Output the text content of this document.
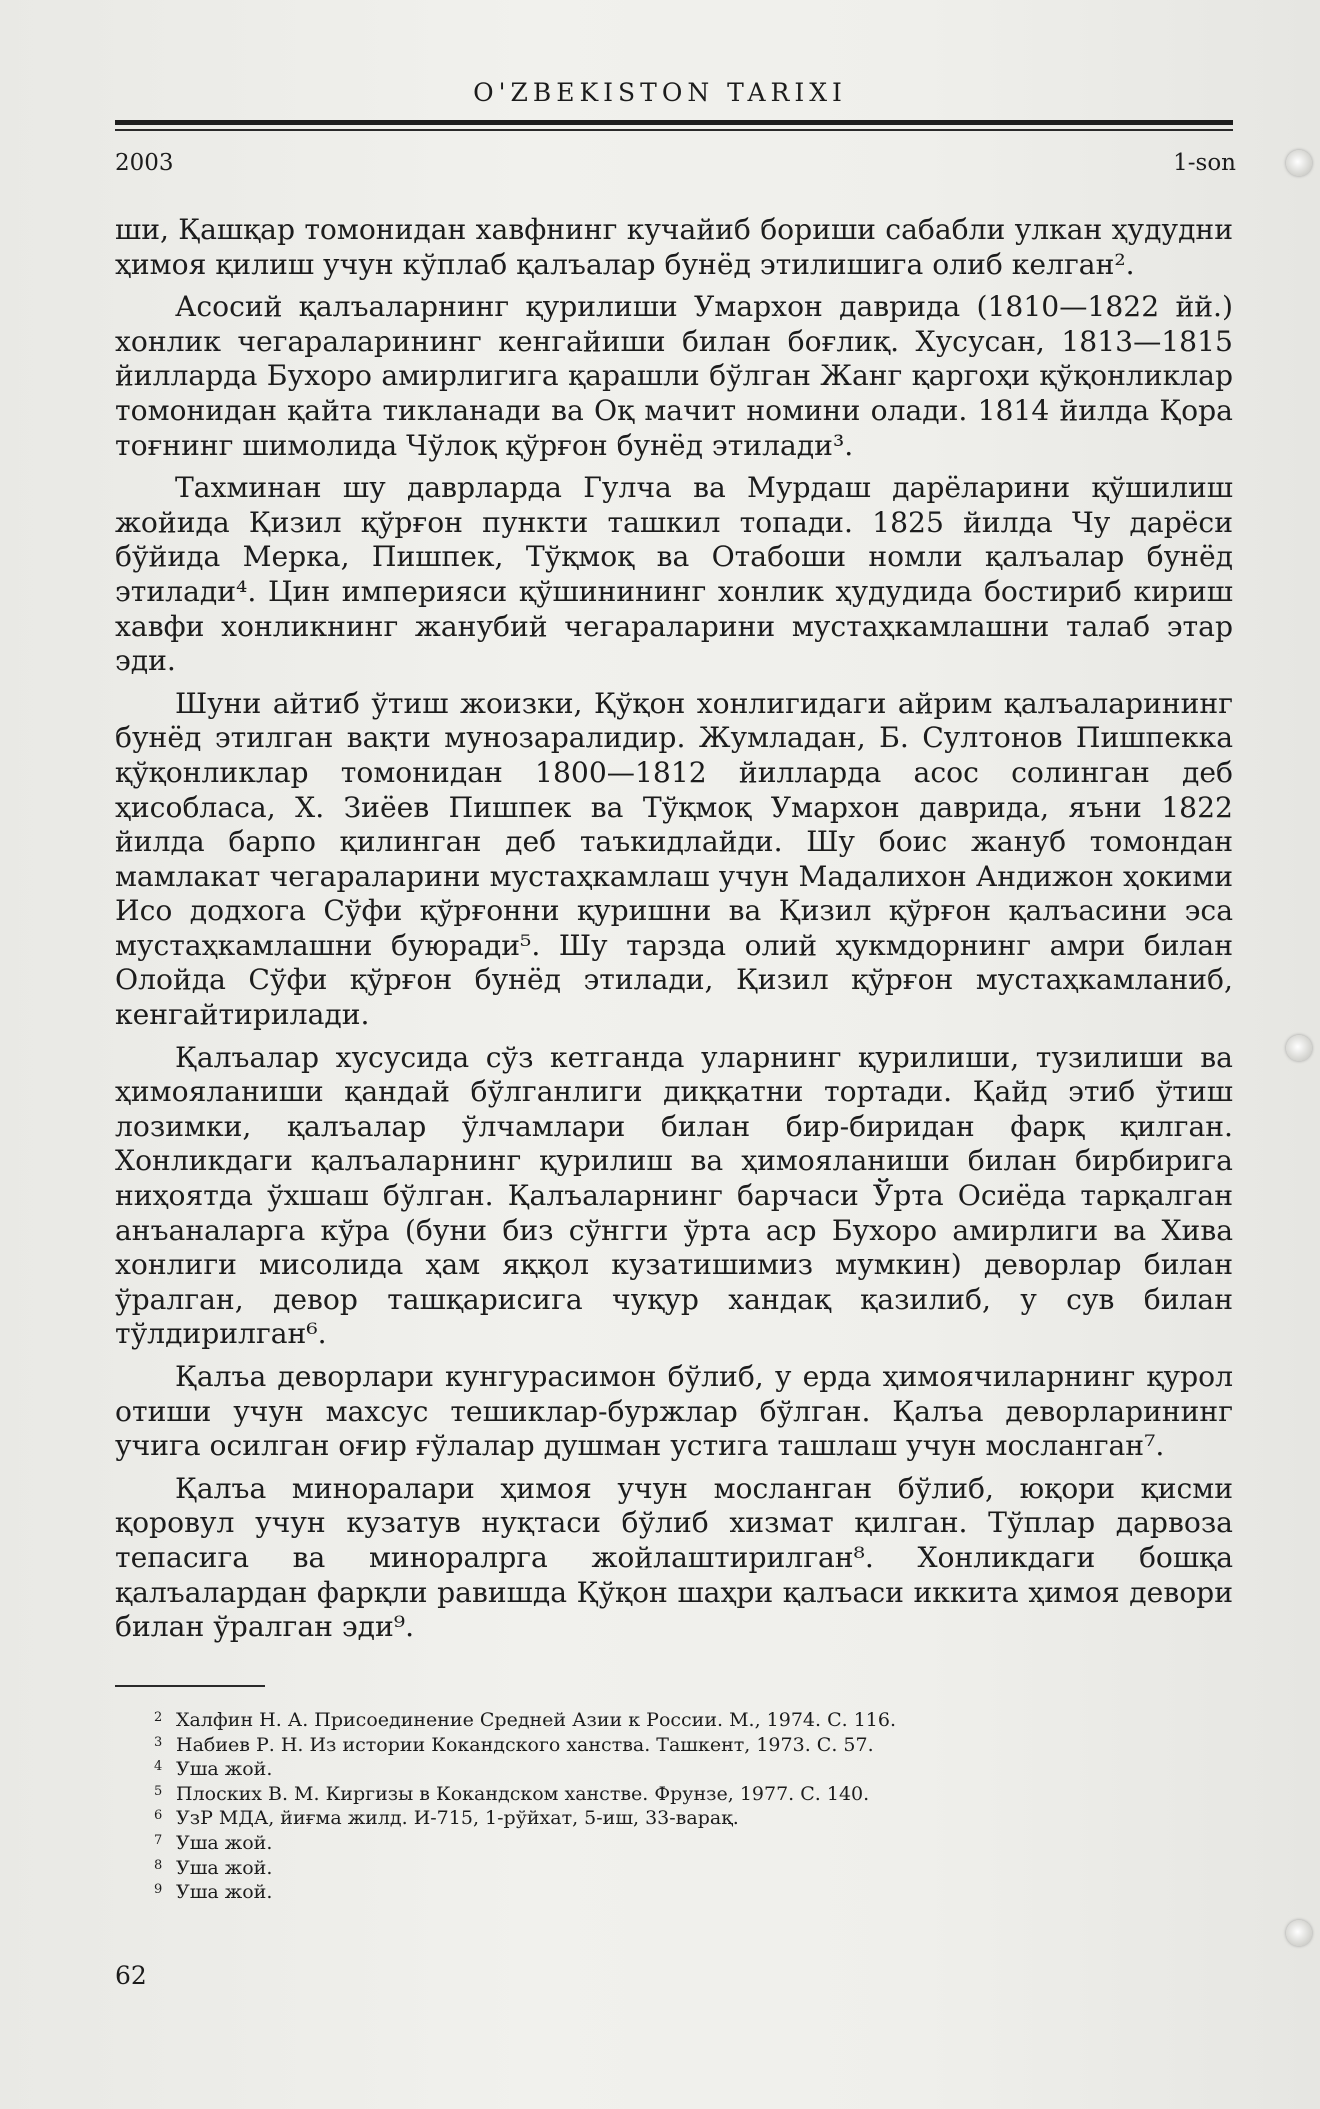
O'ZBEKISTON TARIXI
2003	1-son

ши, Қашқар томонидан хавфнинг кучайиб бориши сабабли улкан ҳудудни ҳимоя қилиш учун кўплаб қалъалар бунёд этилишига олиб келган².

Асосий қалъаларнинг қурилиши Умархон даврида (1810—1822 йй.) хонлик чегараларининг кенгайиши билан боғлиқ. Хусусан, 1813—1815 йилларда Бухоро амирлигига қарашли бўлган Жанг қаргоҳи қўқонликлар томонидан қайта тикланади ва Оқ мачит номини олади. 1814 йилда Қора тоғнинг шимолида Чўлоқ қўрғон бунёд этилади³.

Тахминан шу даврларда Гулча ва Мурдаш дарёларини қўшилиш жойида Қизил қўрғон пункти ташкил топади. 1825 йилда Чу дарёси бўйида Мерка, Пишпек, Тўқмоқ ва Отабоши номли қалъалар бунёд этилади⁴. Цин империяси қўшинининг хонлик ҳудудида бостириб кириш хавфи хонликнинг жанубий чегараларини мустаҳкамлашни талаб этар эди.

Шуни айтиб ўтиш жоизки, Қўқон хонлигидаги айрим қалъаларининг бунёд этилган вақти мунозаралидир. Жумладан, Б. Султонов Пишпекка қўқонликлар томонидан 1800—1812 йилларда асос солинган деб ҳисобласа, Х. Зиёев Пишпек ва Тўқмоқ Умархон даврида, яъни 1822 йилда барпо қилинган деб таъкидлайди. Шу боис жануб томондан мамлакат чегараларини мустаҳкамлаш учун Мадалихон Андижон ҳокими Исо додхога Сўфи қўрғонни қуришни ва Қизил қўрғон қалъасини эса мустаҳкамлашни буюради⁵. Шу тарзда олий ҳукмдорнинг амри билан Олойда Сўфи қўрғон бунёд этилади, Қизил қўрғон мустаҳкамланиб, кенгайтирилади.

Қалъалар хусусида сўз кетганда уларнинг қурилиши, тузилиши ва ҳимояланиши қандай бўлганлиги диққатни тортади. Қайд этиб ўтиш лозимки, қалъалар ўлчамлари билан бир-биридан фарқ қилган. Хонликдаги қалъаларнинг қурилиш ва ҳимояланиши билан бирбирига ниҳоятда ўхшаш бўлган. Қалъаларнинг барчаси Ўрта Осиёда тарқалган анъаналарга кўра (буни биз сўнгги ўрта аср Бухоро амирлиги ва Хива хонлиги мисолида ҳам яққол кузатишимиз мумкин) деворлар билан ўралган, девор ташқарисига чуқур хандақ қазилиб, у сув билан тўлдирилган⁶.

Қалъа деворлари кунгурасимон бўлиб, у ерда ҳимоячиларнинг қурол отиши учун махсус тешиклар-буржлар бўлган. Қалъа деворларининг учига осилган оғир ғўлалар душман устига ташлаш учун мосланган⁷.

Қалъа миноралари ҳимоя учун мосланган бўлиб, юқори қисми қоровул учун кузатув нуқтаси бўлиб хизмат қилган. Тўплар дарвоза тепасига ва миноралрга жойлаштирилган⁸. Хонликдаги бошқа қалъалардан фарқли равишда Қўқон шаҳри қалъаси иккита ҳимоя девори билан ўралган эди⁹.

2 Халфин Н. А. Присоединение Средней Азии к России. М., 1974. С. 116.
3 Набиев Р. Н. Из истории Кокандского ханства. Ташкент, 1973. С. 57.
4 Уша жой.
5 Плоских В. М. Киргизы в Кокандском ханстве. Фрунзе, 1977. С. 140.
6 УзР МДА, йиғма жилд. И-715, 1-рўйхат, 5-иш, 33-варақ.
7 Уша жой.
8 Уша жой.
9 Уша жой.
62
